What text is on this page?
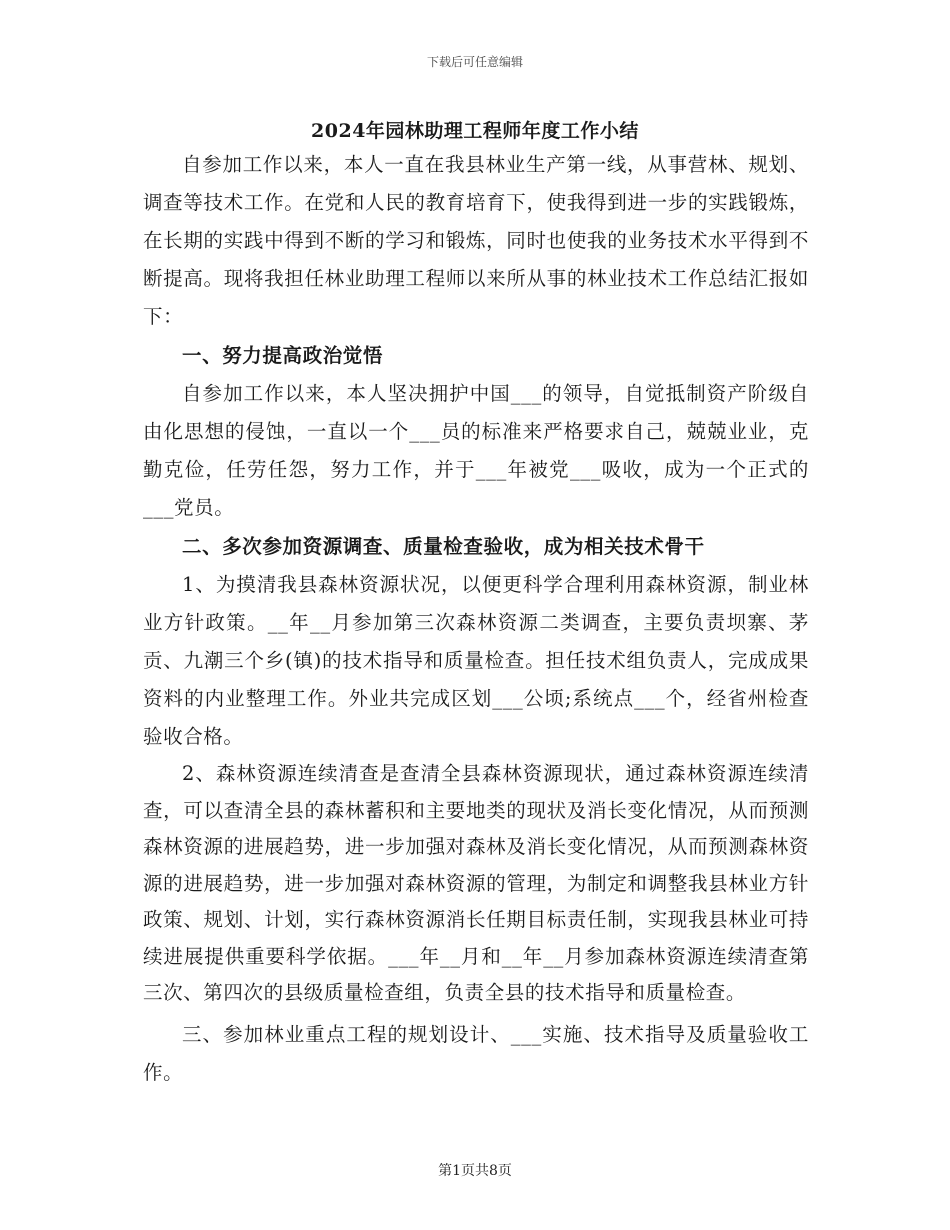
下载后可任意编辑
2024年园林助理工程师年度工作小结

自参加工作以来，本人一直在我县林业生产第一线，从事营林、规划、调查等技术工作。在党和人民的教育培育下，使我得到进一步的实践锻炼，在长期的实践中得到不断的学习和锻炼，同时也使我的业务技术水平得到不断提高。现将我担任林业助理工程师以来所从事的林业技术工作总结汇报如下：

一、努力提高政治觉悟

自参加工作以来，本人坚决拥护中国___的领导，自觉抵制资产阶级自由化思想的侵蚀，一直以一个___员的标准来严格要求自己，兢兢业业，克勤克俭，任劳任怨，努力工作，并于___年被党___吸收，成为一个正式的___党员。

二、多次参加资源调查、质量检查验收，成为相关技术骨干

1、为摸清我县森林资源状况，以便更科学合理利用森林资源，制业林业方针政策。__年__月参加第三次森林资源二类调查，主要负责坝寨、茅贡、九潮三个乡(镇)的技术指导和质量检查。担任技术组负责人，完成成果资料的内业整理工作。外业共完成区划___公顷;系统点___个，经省州检查验收合格。

2、森林资源连续清查是查清全县森林资源现状，通过森林资源连续清查，可以查清全县的森林蓄积和主要地类的现状及消长变化情况，从而预测森林资源的进展趋势，进一步加强对森林及消长变化情况，从而预测森林资源的进展趋势，进一步加强对森林资源的管理，为制定和调整我县林业方针政策、规划、计划，实行森林资源消长任期目标责任制，实现我县林业可持续进展提供重要科学依据。___年__月和__年__月参加森林资源连续清查第三次、第四次的县级质量检查组，负责全县的技术指导和质量检查。

三、参加林业重点工程的规划设计、___实施、技术指导及质量验收工作。

第1页共8页
